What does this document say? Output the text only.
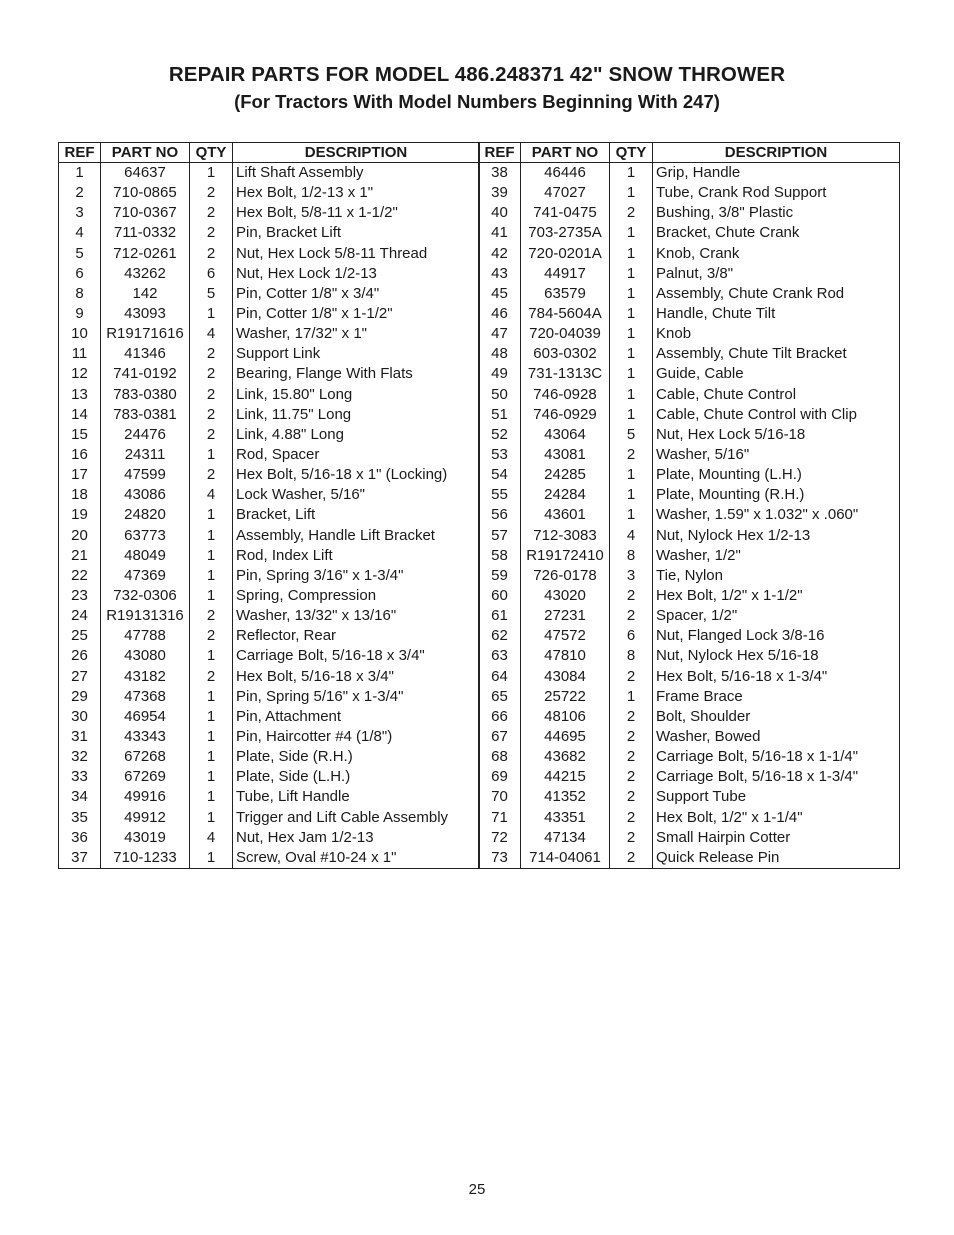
REPAIR PARTS FOR MODEL 486.248371 42" SNOW THROWER
(For Tractors With Model Numbers Beginning With 247)
REF	PART NO	QTY	DESCRIPTION
1	64637	1	Lift Shaft Assembly
2	710-0865	2	Hex Bolt, 1/2-13 x 1"
3	710-0367	2	Hex Bolt, 5/8-11 x 1-1/2"
4	711-0332	2	Pin, Bracket Lift
5	712-0261	2	Nut, Hex Lock 5/8-11 Thread
6	43262	6	Nut, Hex Lock 1/2-13
8	142	5	Pin, Cotter 1/8" x 3/4"
9	43093	1	Pin, Cotter 1/8" x 1-1/2"
10	R19171616	4	Washer, 17/32" x 1"
11	41346	2	Support Link
12	741-0192	2	Bearing, Flange With Flats
13	783-0380	2	Link, 15.80" Long
14	783-0381	2	Link, 11.75" Long
15	24476	2	Link, 4.88" Long
16	24311	1	Rod, Spacer
17	47599	2	Hex Bolt, 5/16-18 x 1" (Locking)
18	43086	4	Lock Washer, 5/16"
19	24820	1	Bracket, Lift
20	63773	1	Assembly, Handle Lift Bracket
21	48049	1	Rod, Index Lift
22	47369	1	Pin, Spring 3/16" x 1-3/4"
23	732-0306	1	Spring, Compression
24	R19131316	2	Washer, 13/32" x 13/16"
25	47788	2	Reflector, Rear
26	43080	1	Carriage Bolt, 5/16-18 x 3/4"
27	43182	2	Hex Bolt, 5/16-18 x 3/4"
29	47368	1	Pin, Spring 5/16" x 1-3/4"
30	46954	1	Pin, Attachment
31	43343	1	Pin, Haircotter #4 (1/8")
32	67268	1	Plate, Side (R.H.)
33	67269	1	Plate, Side (L.H.)
34	49916	1	Tube, Lift Handle
35	49912	1	Trigger and Lift Cable Assembly
36	43019	4	Nut, Hex Jam 1/2-13
37	710-1233	1	Screw, Oval #10-24 x 1"
REF	PART NO	QTY	DESCRIPTION
38	46446	1	Grip, Handle
39	47027	1	Tube, Crank Rod Support
40	741-0475	2	Bushing, 3/8" Plastic
41	703-2735A	1	Bracket, Chute Crank
42	720-0201A	1	Knob, Crank
43	44917	1	Palnut, 3/8"
45	63579	1	Assembly, Chute Crank Rod
46	784-5604A	1	Handle, Chute Tilt
47	720-04039	1	Knob
48	603-0302	1	Assembly, Chute Tilt Bracket
49	731-1313C	1	Guide, Cable
50	746-0928	1	Cable, Chute Control
51	746-0929	1	Cable, Chute Control with Clip
52	43064	5	Nut, Hex Lock 5/16-18
53	43081	2	Washer, 5/16"
54	24285	1	Plate, Mounting (L.H.)
55	24284	1	Plate, Mounting (R.H.)
56	43601	1	Washer, 1.59" x 1.032" x .060"
57	712-3083	4	Nut, Nylock Hex 1/2-13
58	R19172410	8	Washer, 1/2"
59	726-0178	3	Tie, Nylon
60	43020	2	Hex Bolt, 1/2" x 1-1/2"
61	27231	2	Spacer, 1/2"
62	47572	6	Nut, Flanged Lock 3/8-16
63	47810	8	Nut, Nylock Hex 5/16-18
64	43084	2	Hex Bolt, 5/16-18 x 1-3/4"
65	25722	1	Frame Brace
66	48106	2	Bolt, Shoulder
67	44695	2	Washer, Bowed
68	43682	2	Carriage Bolt, 5/16-18 x 1-1/4"
69	44215	2	Carriage Bolt, 5/16-18 x 1-3/4"
70	41352	2	Support Tube
71	43351	2	Hex Bolt, 1/2" x 1-1/4"
72	47134	2	Small Hairpin Cotter
73	714-04061	2	Quick Release Pin
25
